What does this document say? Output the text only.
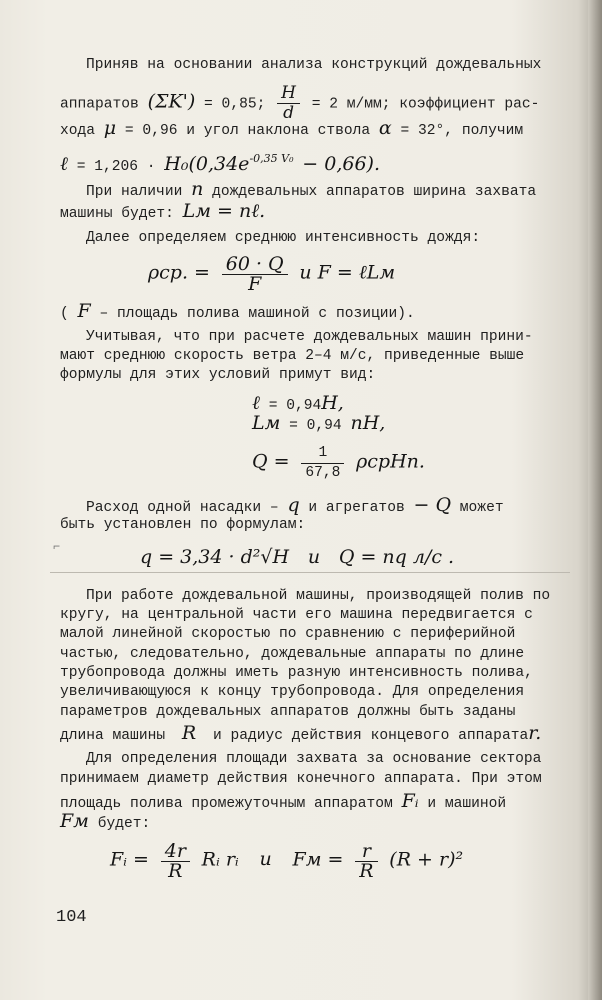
Приняв на основании анализа конструкций дождевальных
аппаратов (ΣK') = 0,85; $\frac{H}{d} = 2$ м/мм; коэффициент рас-
хода μ = 0,96 и угол наклона ствола α = 32°, получим
ℓ = $1,206 \cdot H_0(0,34e^{-0,35 V_0} - 0,66)$.
При наличии n дождевальных аппаратов ширина захвата
машины будет: Lм = nℓ.
Далее определяем среднюю интенсивность дождя:
ρср. = $\frac{60 \cdot Q}{F}$ и F = ℓLм
( F – площадь полива машиной с позиции).
Учитывая, что при расчете дождевальных машин прини-
мают среднюю скорость ветра 2–4 м/с, приведенные выше
формулы для этих условий примут вид:
ℓ = 0,94H,
Lм = 0,94 nH,
$Q = \frac{1}{67,8}$ ρсрHn.
Расход одной насадки – q и агрегатов − Q может
быть установлен по формулам:
⌐	q = 3,34 · d²√H и Q = nq л/с .
При работе дождевальной машины, производящей полив по
кругу, на центральной части его машина передвигается с
малой линейной скоростью по сравнению с периферийной
частью, следовательно, дождевальные аппараты по длине
трубопровода должны иметь разную интенсивность полива,
увеличивающуюся к концу трубопровода. Для определения
параметров дождевальных аппаратов должны быть заданы
длина машины R и радиус действия концевого аппаратаr.
Для определения площади захвата за основание сектора
принимаем диаметр действия конечного аппарата. При этом
площадь полива промежуточным аппаратом Fᵢ и машиной
Fм будет:
Fᵢ = $\frac{4r}{R}$ Rᵢ rᵢ и Fм = $\frac{r}{R} (R + r)^2$
104
